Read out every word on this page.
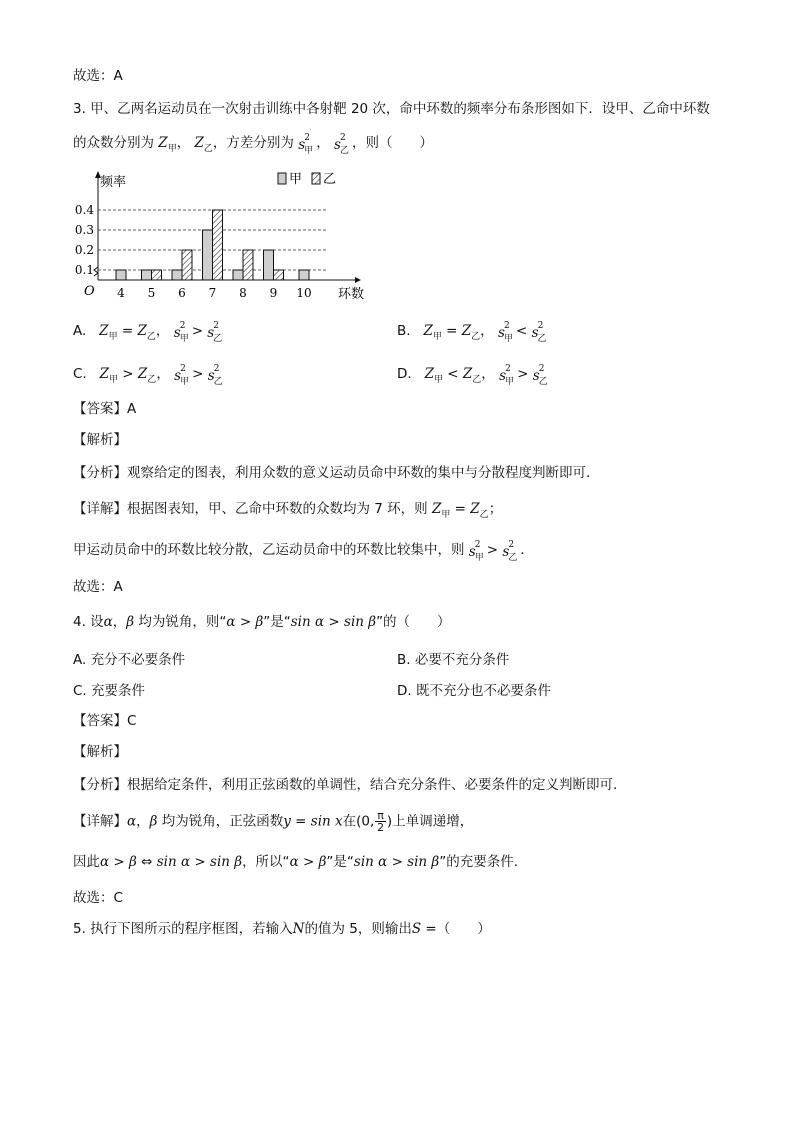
故选：A
3. 甲、乙两名运动员在一次射击训练中各射靶 20 次，命中环数的频率分布条形图如下．设甲、乙命中环数
的众数分别为 $Z_甲$， $Z_乙$，方差分别为 s 2
甲 ， s 2
乙 ，则（　　）
频率
环数
O
0.1
0.2
0.3
0.4
4 5 6 7 8 9 10
甲 乙
A. $Z_甲 = Z_乙$， s 2
甲 > s 2
乙	B. $Z_甲 = Z_乙$， s 2
甲 < s 2
乙
C. $Z_甲 > Z_乙$， s 2
甲 > s 2
乙	D. $Z_甲 < Z_乙$， s 2
甲 > s 2
乙
【答案】A
【解析】
【分析】观察给定的图表，利用众数的意义运动员命中环数的集中与分散程度判断即可.
【详解】根据图表知，甲、乙命中环数的众数均为 7 环，则 $Z_甲 = Z_乙$；
甲运动员命中的环数比较分散，乙运动员命中的环数比较集中，则 s 2
甲 > s 2
乙 ．
故选：A
4. 设α，β 均为锐角，则“α > β”是“sin α > sin β”的（　　）
A. 充分不必要条件	B. 必要不充分条件
C. 充要条件	D. 既不充分也不必要条件
【答案】C
【解析】
【分析】根据给定条件，利用正弦函数的单调性，结合充分条件、必要条件的定义判断即可.
【详解】α，β 均为锐角，正弦函数y = sin x在(0, $\frac{\pi}{2}$ )上单调递增，
因此α > β ⇔ sin α > sin β，所以“α > β”是“sin α > sin β”的充要条件.
故选：C
5. 执行下图所示的程序框图，若输入N的值为 5，则输出S =（　　）
